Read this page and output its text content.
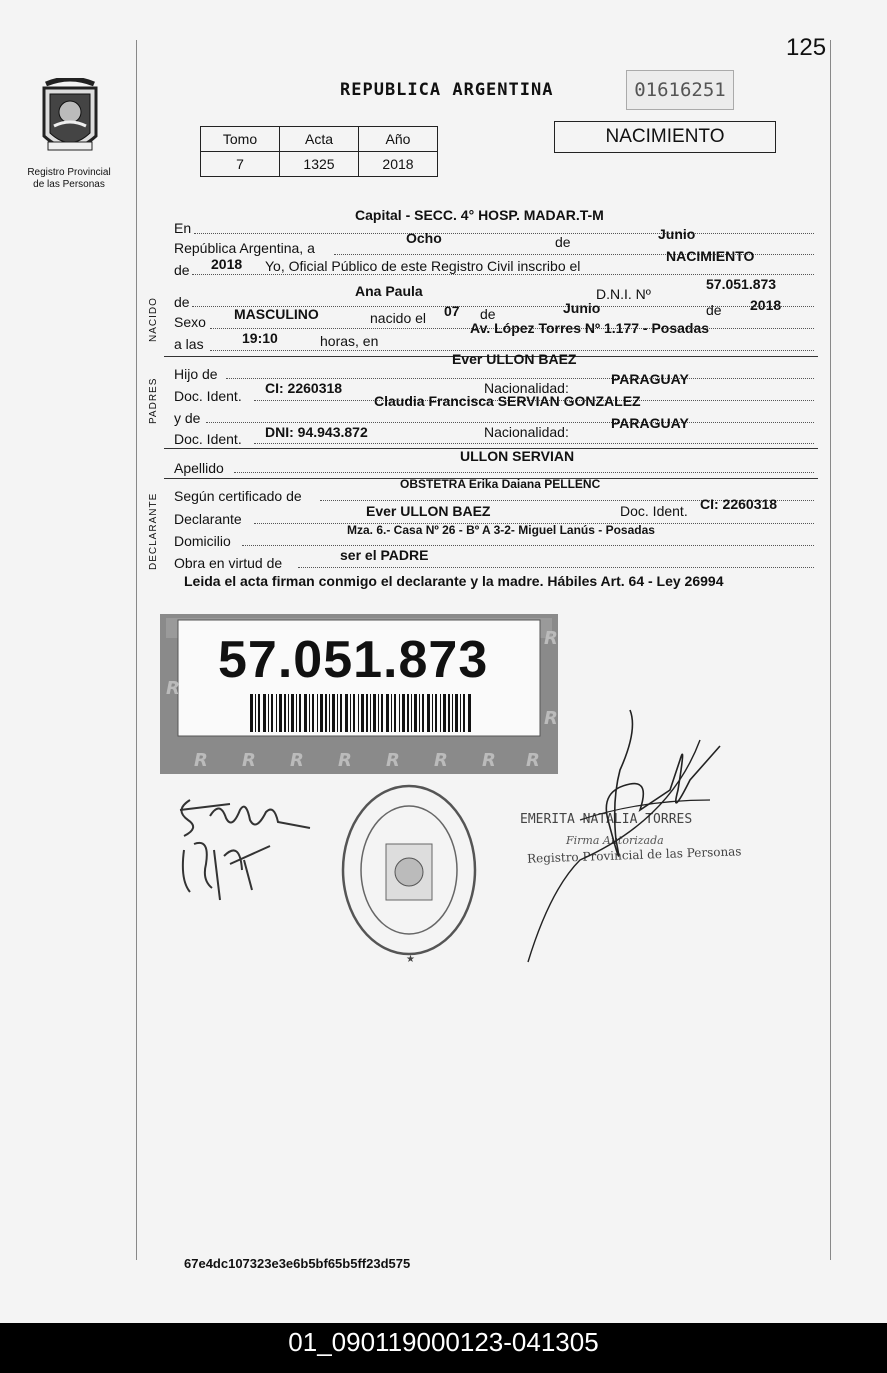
125
Registro Provincial
de las Personas
REPUBLICA ARGENTINA	01616251
NACIMIENTO
Tomo	Acta	Año
7	1325	2018
En
Capital - SECC. 4° HOSP. MADAR.T-M
República Argentina, a
Ocho	de	Junio
de 2018 Yo, Oficial Público de este Registro Civil inscribo el
NACIMIENTO
NACIDO de
Ana Paula	D.N.I. Nº
57.051.873
Sexo MASCULINO	nacido el 07 de	Junio	de 2018
a las	19:10	horas, en
Av. López Torres Nº 1.177 - Posadas
PADRES
Hijo de
Ever ULLON BAEZ
Doc. Ident. CI: 2260318	Nacionalidad:
PARAGUAY
y de
Claudia Francisca SERVIAN GONZALEZ
Doc. Ident. DNI: 94.943.872	Nacionalidad:
PARAGUAY
Apellido
ULLON SERVIAN
DECLARANTE Según certificado de
OBSTETRA Erika Daiana PELLENC
Declarante	Ever ULLON BAEZ	Doc. Ident. CI: 2260318
Domicilio
Mza. 6.- Casa Nº 26 - Bº A 3-2- Miguel Lanús - Posadas
Obra en virtud de	ser el PADRE
Leida el acta firman conmigo el declarante y la madre. Hábiles Art. 64 - Ley 26994
R
R
R
R R R R R R R R
57.051.873
★
EMERITA NATALIA TORRES
Firma Autorizada
Registro Provincial de las Personas
67e4dc107323e3e6b5bf65b5ff23d575
01_090119000123-041305
